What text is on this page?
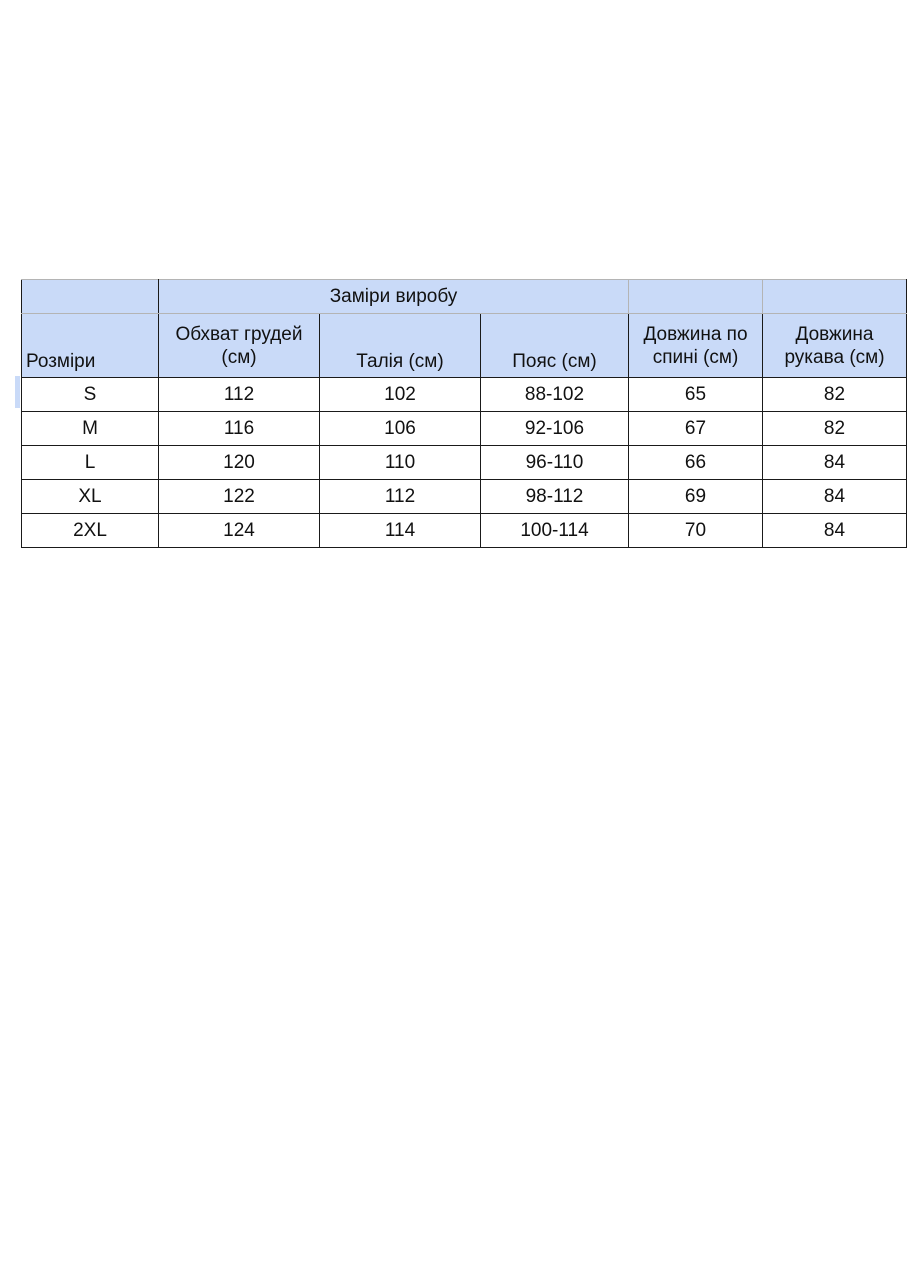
	Заміри виробу				
Розміри	Обхват грудей (см)	Талія (см)	Пояс (см)	Довжина по спині (см)	Довжина рукава (см)
S	112	102	88-102	65	82
M	116	106	92-106	67	82
L	120	110	96-110	66	84
XL	122	112	98-112	69	84
2XL	124	114	100-114	70	84
